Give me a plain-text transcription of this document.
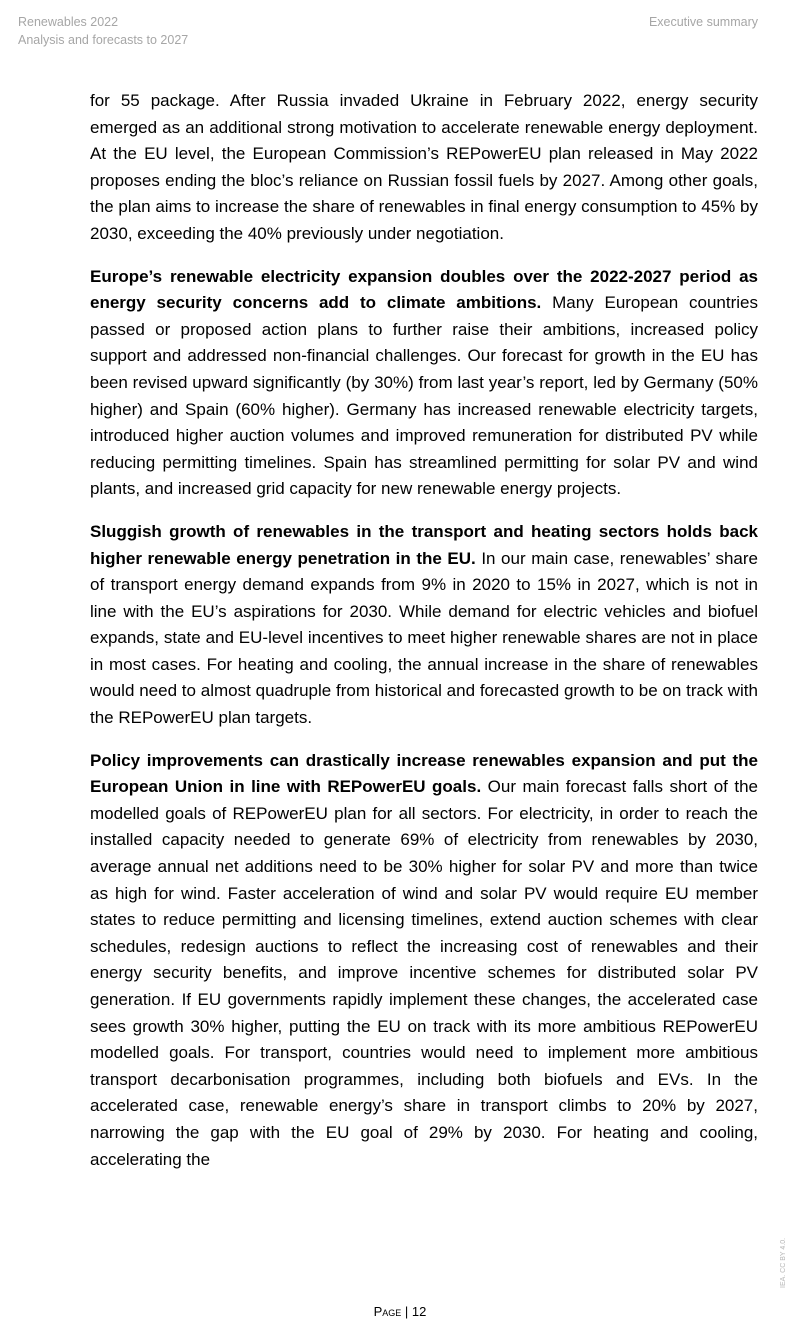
Renewables 2022
Analysis and forecasts to 2027
Executive summary

for 55 package. After Russia invaded Ukraine in February 2022, energy security emerged as an additional strong motivation to accelerate renewable energy deployment. At the EU level, the European Commission’s REPowerEU plan released in May 2022 proposes ending the bloc’s reliance on Russian fossil fuels by 2027. Among other goals, the plan aims to increase the share of renewables in final energy consumption to 45% by 2030, exceeding the 40% previously under negotiation.

Europe’s renewable electricity expansion doubles over the 2022-2027 period as energy security concerns add to climate ambitions. Many European countries passed or proposed action plans to further raise their ambitions, increased policy support and addressed non-financial challenges. Our forecast for growth in the EU has been revised upward significantly (by 30%) from last year’s report, led by Germany (50% higher) and Spain (60% higher). Germany has increased renewable electricity targets, introduced higher auction volumes and improved remuneration for distributed PV while reducing permitting timelines. Spain has streamlined permitting for solar PV and wind plants, and increased grid capacity for new renewable energy projects.

Sluggish growth of renewables in the transport and heating sectors holds back higher renewable energy penetration in the EU. In our main case, renewables’ share of transport energy demand expands from 9% in 2020 to 15% in 2027, which is not in line with the EU’s aspirations for 2030. While demand for electric vehicles and biofuel expands, state and EU-level incentives to meet higher renewable shares are not in place in most cases. For heating and cooling, the annual increase in the share of renewables would need to almost quadruple from historical and forecasted growth to be on track with the REPowerEU plan targets.

Policy improvements can drastically increase renewables expansion and put the European Union in line with REPowerEU goals. Our main forecast falls short of the modelled goals of REPowerEU plan for all sectors. For electricity, in order to reach the installed capacity needed to generate 69% of electricity from renewables by 2030, average annual net additions need to be 30% higher for solar PV and more than twice as high for wind. Faster acceleration of wind and solar PV would require EU member states to reduce permitting and licensing timelines, extend auction schemes with clear schedules, redesign auctions to reflect the increasing cost of renewables and their energy security benefits, and improve incentive schemes for distributed solar PV generation. If EU governments rapidly implement these changes, the accelerated case sees growth 30% higher, putting the EU on track with its more ambitious REPowerEU modelled goals. For transport, countries would need to implement more ambitious transport decarbonisation programmes, including both biofuels and EVs. In the accelerated case, renewable energy’s share in transport climbs to 20% by 2027, narrowing the gap with the EU goal of 29% by 2030. For heating and cooling, accelerating the

Page | 12
IEA. CC BY 4.0.
